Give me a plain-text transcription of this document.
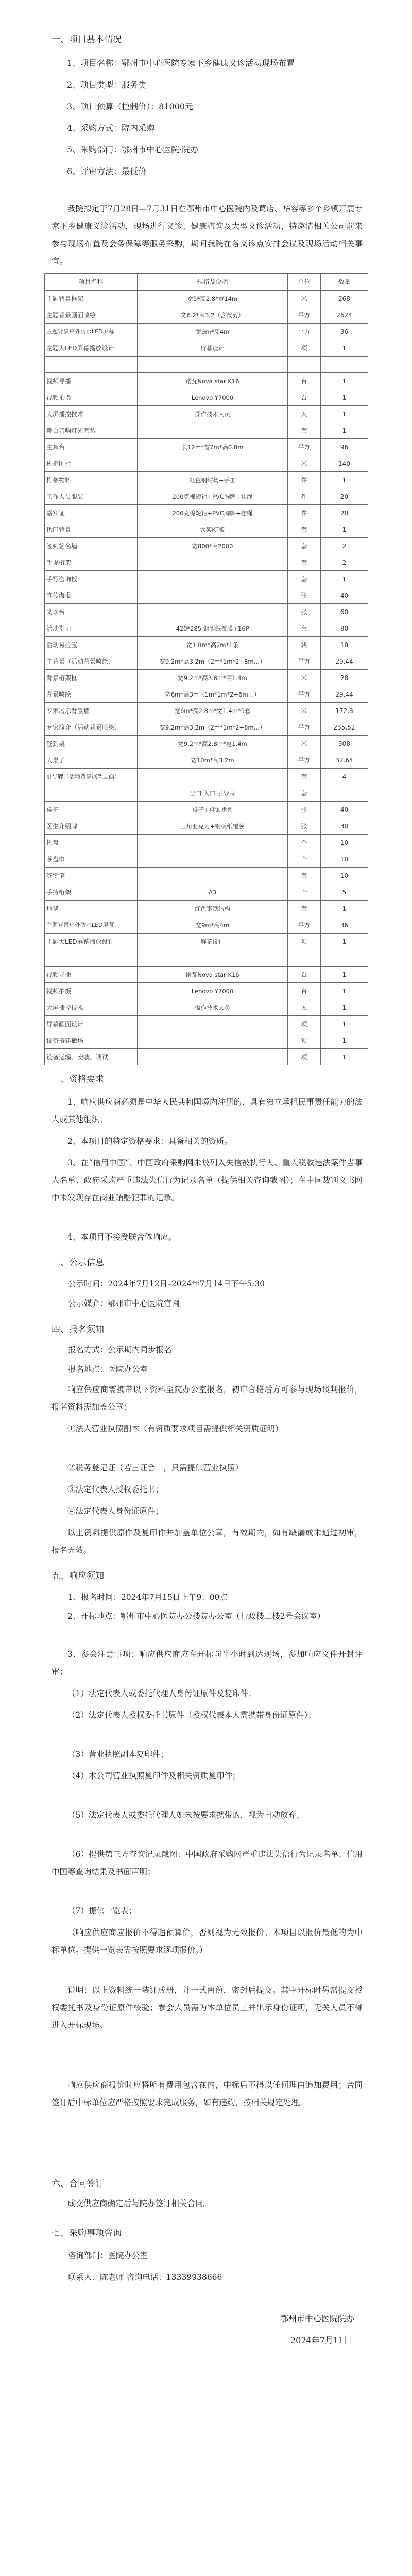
一、项目基本情况
1、项目名称：鄂州市中心医院专家下乡健康义诊活动现场布置
2、项目类型：服务类
3、项目预算（控制价）：81000元
4、采购方式：院内采购
5、采购部门：鄂州市中心医院·院办
6、评审方法：最低价
我院拟定于7月28日—7月31日在鄂州市中心医院内及葛店、华容等多个乡镇开展专家下乡健康义诊活动，现场进行义诊、健康咨询及大型义诊活动，特邀请相关公司前来参与现场布置及会务保障等服务采购，期间我院在各义诊点安排会议及现场活动相关事宜。
项目名称	规格及说明	单位	数量
主题背景框架	宽5*高2.8*宽14m	米	268
主题背景画面喷绘	宽6.2*高3.2（含裁剪）	平方	2624
主题背景户外防水LED屏幕	宽9m*高4m	平方	36
主题大LED屏幕播放设计	屏幕设计	项	1

视频导播	诺瓦Nova star K16	台	1
视频拍摄	Lenovo Y7000	台	1
大屏播控技术	操作技术人员	人	1
舞台音响灯光套装		套	1
主舞台	长12m*宽7m*高0.8m	平方	96
机柜围栏		米	140
桁架物料	红色钢结构+手工	件	1
工作人员服装	200克棉短袖+PVC胸牌+挂绳	件	20
嘉宾证	200克棉短袖+PVC胸牌+挂绳	件	20
拱门背景	铁架KT板	套	1
签到签名墙	宽800*高2000	套	2
手提桁架		套	2
手写咨询板		套	1
宣传海报		张	40
义诊台		张	60
活动指示	420*285 铜版纸覆膜+16P	套	80
活动易拉宝	宽1.8m*高2m*1条	块	10
主背景（活动背景喷绘）	宽9.2m*高3.2m（2m*1m*2+8m…）	平方	29.44
背景桁架框	宽9.2m*高2.8m*高1.4m	米	28
背景喷绘	宽6m*高3m（1m*1m*2+6m…）	平方	29.44
专家展示背景墙	宽6m*高2.8m*宽1.4m*5套	米	172.8
专家简介（活动背景喷绘）	宽9.2m*高3.2m（2m*1m*2+8m…）	平方	235.52
签到桌	宽9.2m*高2.8m*宽1.4m	米	308
大桌子	宽10m*高3.2m	平方	32.64
引导牌（活动背景展架画面）		套	4
	出口 入口 引导牌	套	
桌子	桌子+桌饰裙套	张	40
医生介绍牌	三角亚克力+铜板纸覆膜	张	30
托盘		个	10
茶盘巾		个	10
签字笔		套	10
手持桁架	A3	个	5
地毯	红色钢铁结构	套	1
主题背景户外防水LED屏幕	宽9m*高4m	平方	36
主题大LED屏幕播放设计	屏幕设计	项	1

视频导播	诺瓦Nova star K16	台	1
视频拍摄	Lenovo Y7000	台	1
大屏播控技术	操作技术人员	人	1
屏幕画面设计		项	1
设备搭建撤场		项	1
设备运输、安装、调试		项	1
二、资格要求
1、响应供应商必须是中华人民共和国境内注册的、具有独立承担民事责任能力的法人或其他组织；
2、本项目的特定资格要求：具备相关的资质。
3、在“信用中国”、中国政府采购网未被列入失信被执行人、重大税收违法案件当事人名单、政府采购严重违法失信行为记录名单（提供相关查询截图）；在中国裁判文书网中未发现存在商业贿赂犯罪的记录。
4、本项目不接受联合体响应。
三、公示信息
公示时间：2024年7月12日–2024年7月14日下午5:30
公示媒介：鄂州市中心医院官网
四、报名须知
报名方式：公示期内同步报名
报名地点：医院办公室
响应供应商需携带以下资料至院办公室报名，初审合格后方可参与现场谈判报价，报名资料需加盖公章：
①法人营业执照副本（有资质要求项目需提供相关资质证明）
②税务登记证（若三证合一，只需提供营业执照）
③法定代表人授权委托书；
④法定代表人身份证原件；
以上资料提供原件及复印件并加盖单位公章，有效期内，如有缺漏或未通过初审，报名无效。
五、响应须知
1、报名时间：2024年7月15日上午9：00点
2、开标地点：鄂州市中心医院办公楼院办公室（行政楼二楼2号会议室）
3、参会注意事项：响应供应商应在开标前半小时到达现场，参加响应文件开封评审；
（1）法定代表人或委托代理人身份证原件及复印件；
（2）法定代表人授权委托书原件（授权代表本人需携带身份证原件）；
（3）营业执照副本复印件；
（4）本公司营业执照复印件及相关资质复印件；
（5）法定代表人或委托代理人如未按要求携带的，视为自动放弃；
（6）提供第三方查询记录截图：中国政府采购网严重违法失信行为记录名单、信用中国等查询结果及书面声明；
（7）提供一览表；
（响应供应商应报价不得超预算价，否则视为无效报价。本项目以报价最低的为中标单位。提供一览表需按照要求逐项报价。）
说明：以上资料统一装订成册，并一式两份，密封后提交。其中开标时另需提交授权委托书及身份证原件核验；参会人员需为本单位员工并出示身份证明，无关人员不得进入开标现场。
响应供应商报价时应将所有费用包含在内，中标后不得以任何理由追加费用；合同签订后中标单位应严格按照要求完成服务，如有违约，按相关规定处理。
六、合同签订
成交供应商确定后与院办签订相关合同。
七、采购事项咨询
咨询部门：医院办公室
联系人：陈老师 咨询电话：13339938666
鄂州市中心医院院办
2024年7月11日
